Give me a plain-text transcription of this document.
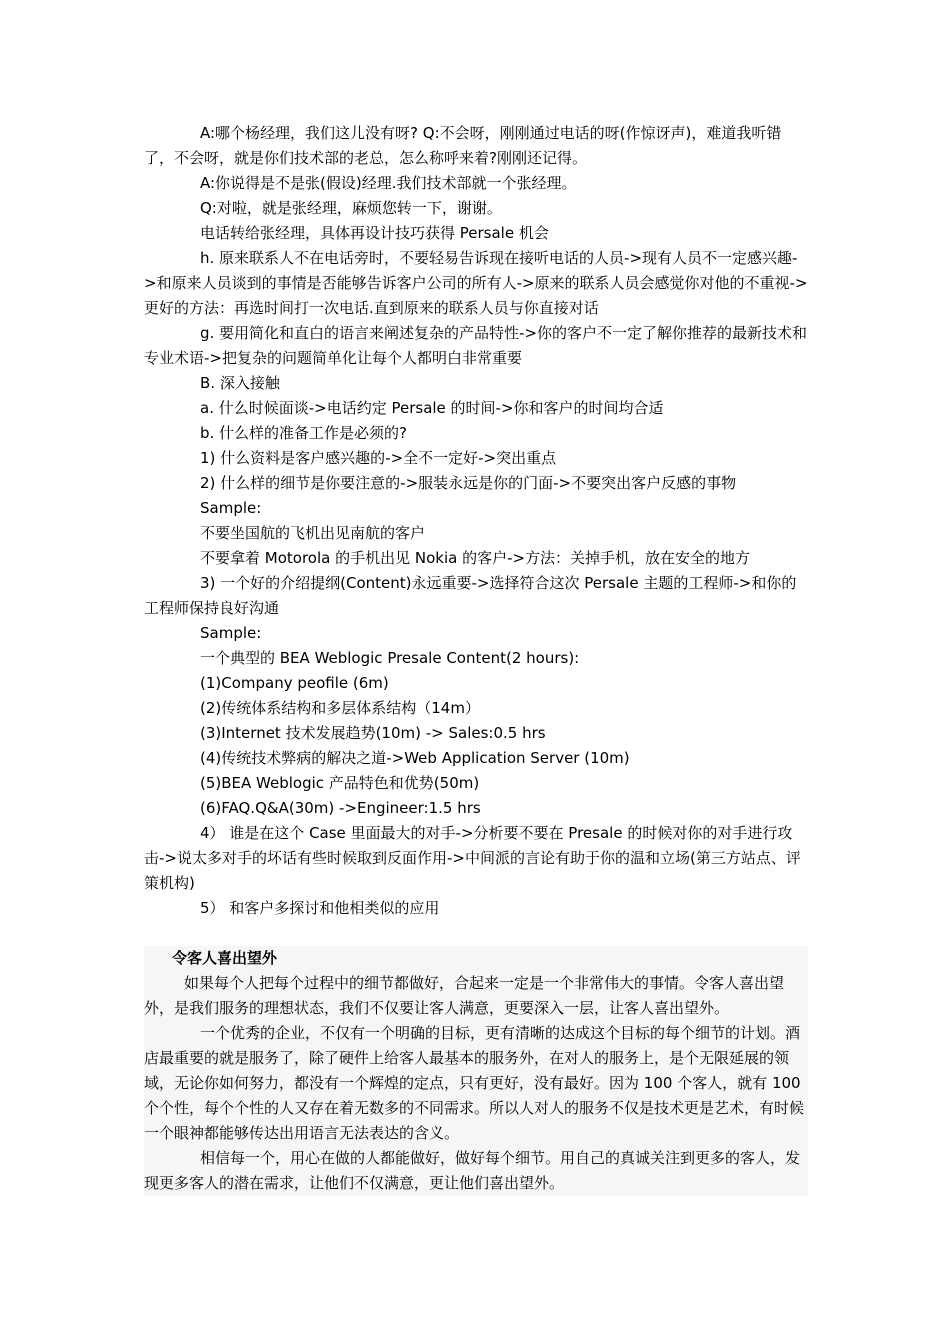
A:哪个杨经理，我们这儿没有呀? Q:不会呀，刚刚通过电话的呀(作惊讶声)，难道我听错了，不会呀，就是你们技术部的老总，怎么称呼来着?刚刚还记得。

A:你说得是不是张(假设)经理.我们技术部就一个张经理。

Q:对啦，就是张经理，麻烦您转一下，谢谢。

电话转给张经理，具体再设计技巧获得 Persale 机会

h. 原来联系人不在电话旁时，不要轻易告诉现在接听电话的人员->现有人员不一定感兴趣->和原来人员谈到的事情是否能够告诉客户公司的所有人->原来的联系人员会感觉你对他的不重视->更好的方法：再选时间打一次电话.直到原来的联系人员与你直接对话

g. 要用简化和直白的语言来阐述复杂的产品特性->你的客户不一定了解你推荐的最新技术和专业术语->把复杂的问题简单化让每个人都明白非常重要

B. 深入接触

a. 什么时候面谈->电话约定 Persale 的时间->你和客户的时间均合适

b. 什么样的准备工作是必须的?

1) 什么资料是客户感兴趣的->全不一定好->突出重点

2) 什么样的细节是你要注意的->服装永远是你的门面->不要突出客户反感的事物

Sample:

不要坐国航的飞机出见南航的客户

不要拿着 Motorola 的手机出见 Nokia 的客户->方法：关掉手机，放在安全的地方

3) 一个好的介绍提纲(Content)永远重要->选择符合这次 Persale 主题的工程师->和你的工程师保持良好沟通

Sample:

一个典型的 BEA Weblogic Presale Content(2 hours):

(1)Company peofile (6m)

(2)传统体系结构和多层体系结构（14m）

(3)Internet 技术发展趋势(10m) -> Sales:0.5 hrs

(4)传统技术弊病的解决之道->Web Application Server (10m)

(5)BEA Weblogic 产品特色和优势(50m)

(6)FAQ.Q&A(30m) ->Engineer:1.5 hrs

4） 谁是在这个 Case 里面最大的对手->分析要不要在 Presale 的时候对你的对手进行攻击->说太多对手的坏话有些时候取到反面作用->中间派的言论有助于你的温和立场(第三方站点、评策机构)

5） 和客户多探讨和他相类似的应用

令客人喜出望外

如果每个人把每个过程中的细节都做好，合起来一定是一个非常伟大的事情。令客人喜出望外，是我们服务的理想状态，我们不仅要让客人满意，更要深入一层，让客人喜出望外。

一个优秀的企业，不仅有一个明确的目标，更有清晰的达成这个目标的每个细节的计划。酒店最重要的就是服务了，除了硬件上给客人最基本的服务外，在对人的服务上，是个无限延展的领域，无论你如何努力，都没有一个辉煌的定点，只有更好，没有最好。因为 100 个客人，就有 100 个个性，每个个性的人又存在着无数多的不同需求。所以人对人的服务不仅是技术更是艺术，有时候一个眼神都能够传达出用语言无法表达的含义。

相信每一个，用心在做的人都能做好，做好每个细节。用自己的真诚关注到更多的客人，发现更多客人的潜在需求，让他们不仅满意，更让他们喜出望外。
